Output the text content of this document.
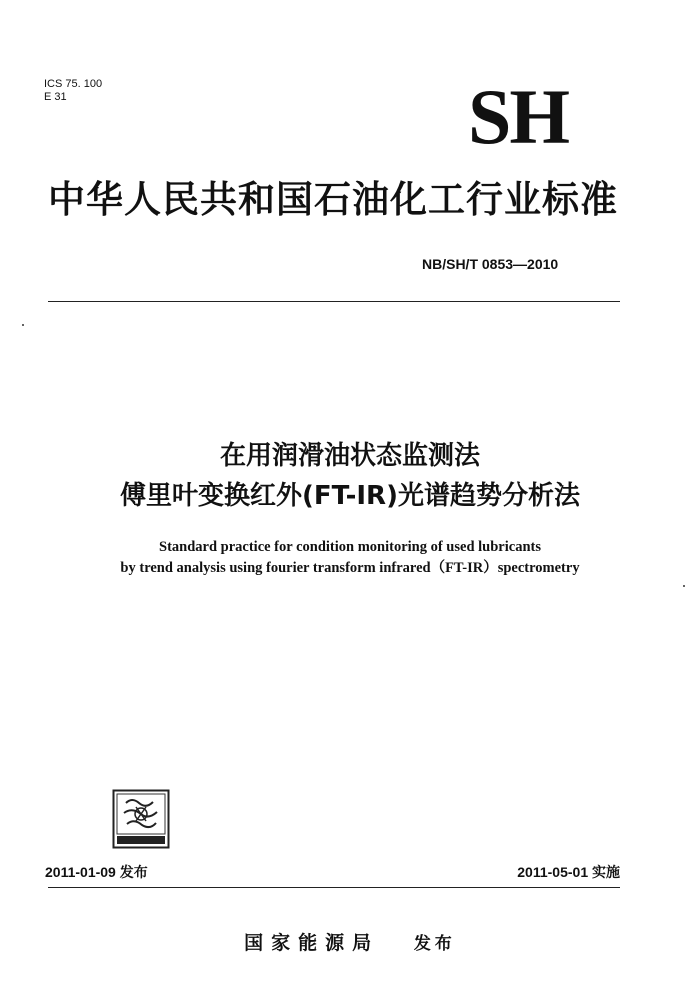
ICS 75. 100
E 31	SH
中华人民共和国石油化工行业标准
NB/SH/T 0853—2010
在用润滑油状态监测法
傅里叶变换红外(FT-IR)光谱趋势分析法
Standard practice for condition monitoring of used lubricants
by trend analysis using fourier transform infrared（FT-IR）spectrometry
2011-01-09 发布	2011-05-01 实施
国家能源局 发布
